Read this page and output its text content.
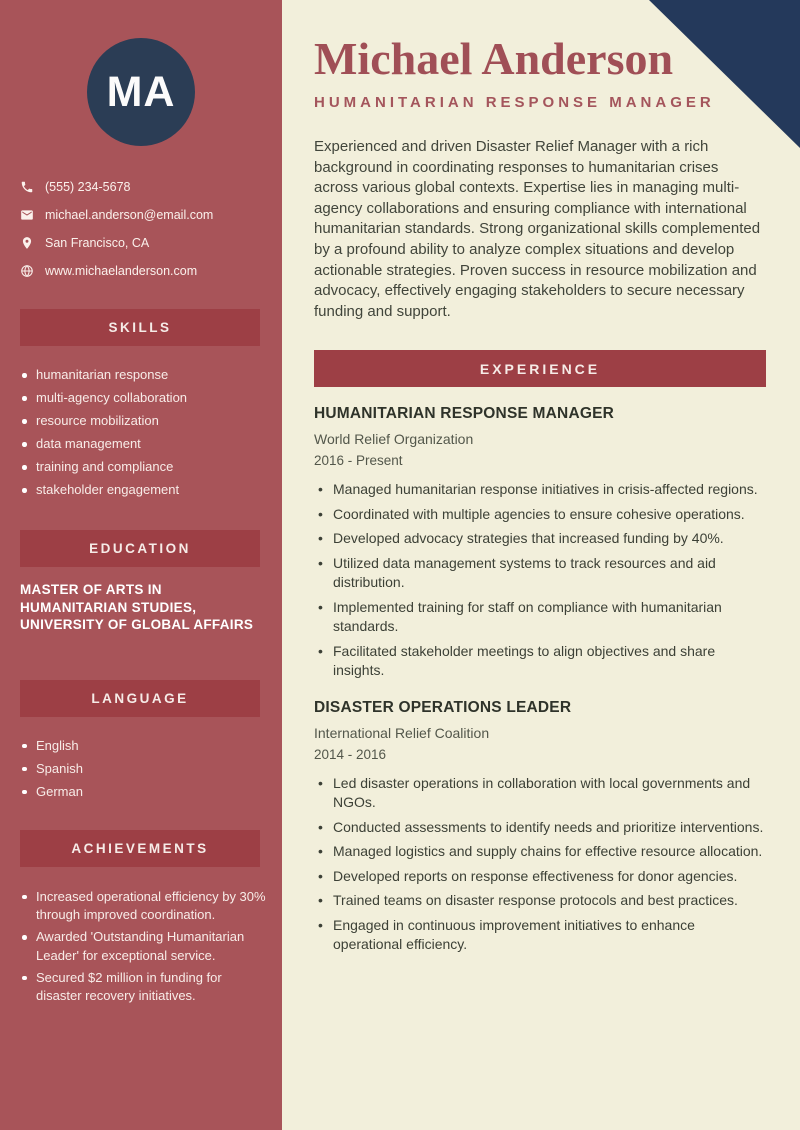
MA
(555) 234-5678
michael.anderson@email.com
San Francisco, CA
www.michaelanderson.com
SKILLS
humanitarian response
multi-agency collaboration
resource mobilization
data management
training and compliance
stakeholder engagement
EDUCATION

MASTER OF ARTS IN HUMANITARIAN STUDIES, UNIVERSITY OF GLOBAL AFFAIRS

LANGUAGE
English
Spanish
German
ACHIEVEMENTS
Increased operational efficiency by 30% through improved coordination.
Awarded 'Outstanding Humanitarian Leader' for exceptional service.
Secured $2 million in funding for disaster recovery initiatives.
Michael Anderson
HUMANITARIAN RESPONSE MANAGER

Experienced and driven Disaster Relief Manager with a rich background in coordinating responses to humanitarian crises across various global contexts. Expertise lies in managing multi-agency collaborations and ensuring compliance with international humanitarian standards. Strong organizational skills complemented by a profound ability to analyze complex situations and develop actionable strategies. Proven success in resource mobilization and advocacy, effectively engaging stakeholders to secure necessary funding and support.

EXPERIENCE
HUMANITARIAN RESPONSE MANAGER
World Relief Organization
2016 - Present
• Managed humanitarian response initiatives in crisis-affected regions.
• Coordinated with multiple agencies to ensure cohesive operations.
• Developed advocacy strategies that increased funding by 40%.
• Utilized data management systems to track resources and aid distribution.
• Implemented training for staff on compliance with humanitarian standards.
• Facilitated stakeholder meetings to align objectives and share insights.
DISASTER OPERATIONS LEADER
International Relief Coalition
2014 - 2016
• Led disaster operations in collaboration with local governments and NGOs.
• Conducted assessments to identify needs and prioritize interventions.
• Managed logistics and supply chains for effective resource allocation.
• Developed reports on response effectiveness for donor agencies.
• Trained teams on disaster response protocols and best practices.
• Engaged in continuous improvement initiatives to enhance operational efficiency.
